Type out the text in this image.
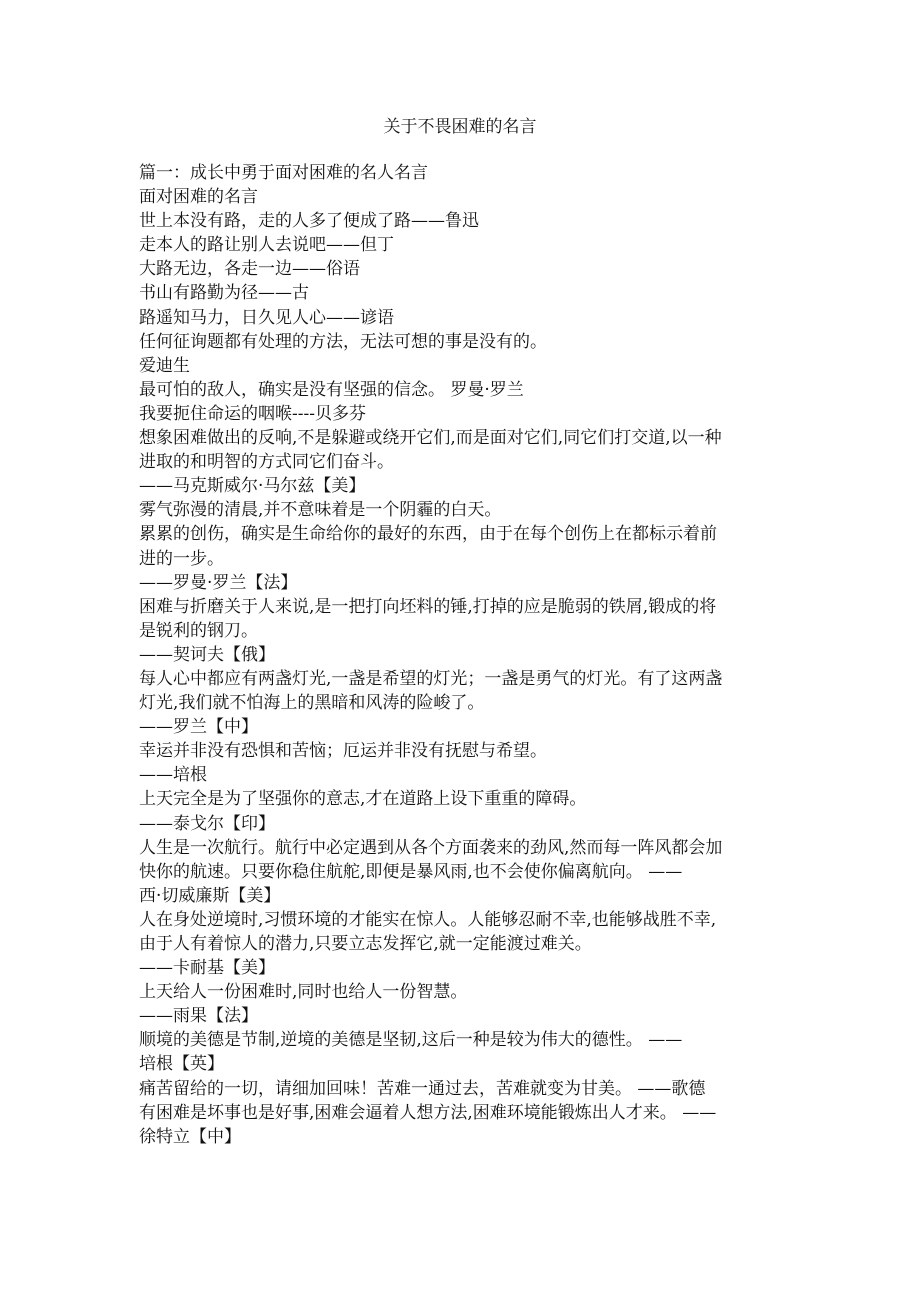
关于不畏困难的名言
篇一：成长中勇于面对困难的名人名言
面对困难的名言
世上本没有路，走的人多了便成了路——鲁迅
走本人的路让别人去说吧——但丁
大路无边，各走一边——俗语
书山有路勤为径——古
路遥知马力，日久见人心——谚语
任何征询题都有处理的方法，无法可想的事是没有的。
爱迪生
最可怕的敌人，确实是没有坚强的信念。 罗曼·罗兰
我要扼住命运的咽喉----贝多芬
想象困难做出的反响,不是躲避或绕开它们,而是面对它们,同它们打交道,以一种
进取的和明智的方式同它们奋斗。
——马克斯威尔·马尔兹【美】
雾气弥漫的清晨,并不意味着是一个阴霾的白天。
累累的创伤，确实是生命给你的最好的东西，由于在每个创伤上在都标示着前
进的一步。
——罗曼·罗兰【法】
困难与折磨关于人来说,是一把打向坯料的锤,打掉的应是脆弱的铁屑,锻成的将
是锐利的钢刀。
——契诃夫【俄】
每人心中都应有两盏灯光,一盏是希望的灯光；一盏是勇气的灯光。有了这两盏
灯光,我们就不怕海上的黑暗和风涛的险峻了。
——罗兰【中】
幸运并非没有恐惧和苦恼；厄运并非没有抚慰与希望。
——培根
上天完全是为了坚强你的意志,才在道路上设下重重的障碍。
——泰戈尔【印】
人生是一次航行。航行中必定遇到从各个方面袭来的劲风,然而每一阵风都会加
快你的航速。只要你稳住航舵,即便是暴风雨,也不会使你偏离航向。 ——
西·切威廉斯【美】
人在身处逆境时,习惯环境的才能实在惊人。人能够忍耐不幸,也能够战胜不幸,
由于人有着惊人的潜力,只要立志发挥它,就一定能渡过难关。
——卡耐基【美】
上天给人一份困难时,同时也给人一份智慧。
——雨果【法】
顺境的美德是节制,逆境的美德是坚韧,这后一种是较为伟大的德性。 ——
培根【英】
痛苦留给的一切，请细加回味！苦难一通过去，苦难就变为甘美。 ——歌德
有困难是坏事也是好事,困难会逼着人想方法,困难环境能锻炼出人才来。 ——
徐特立【中】
